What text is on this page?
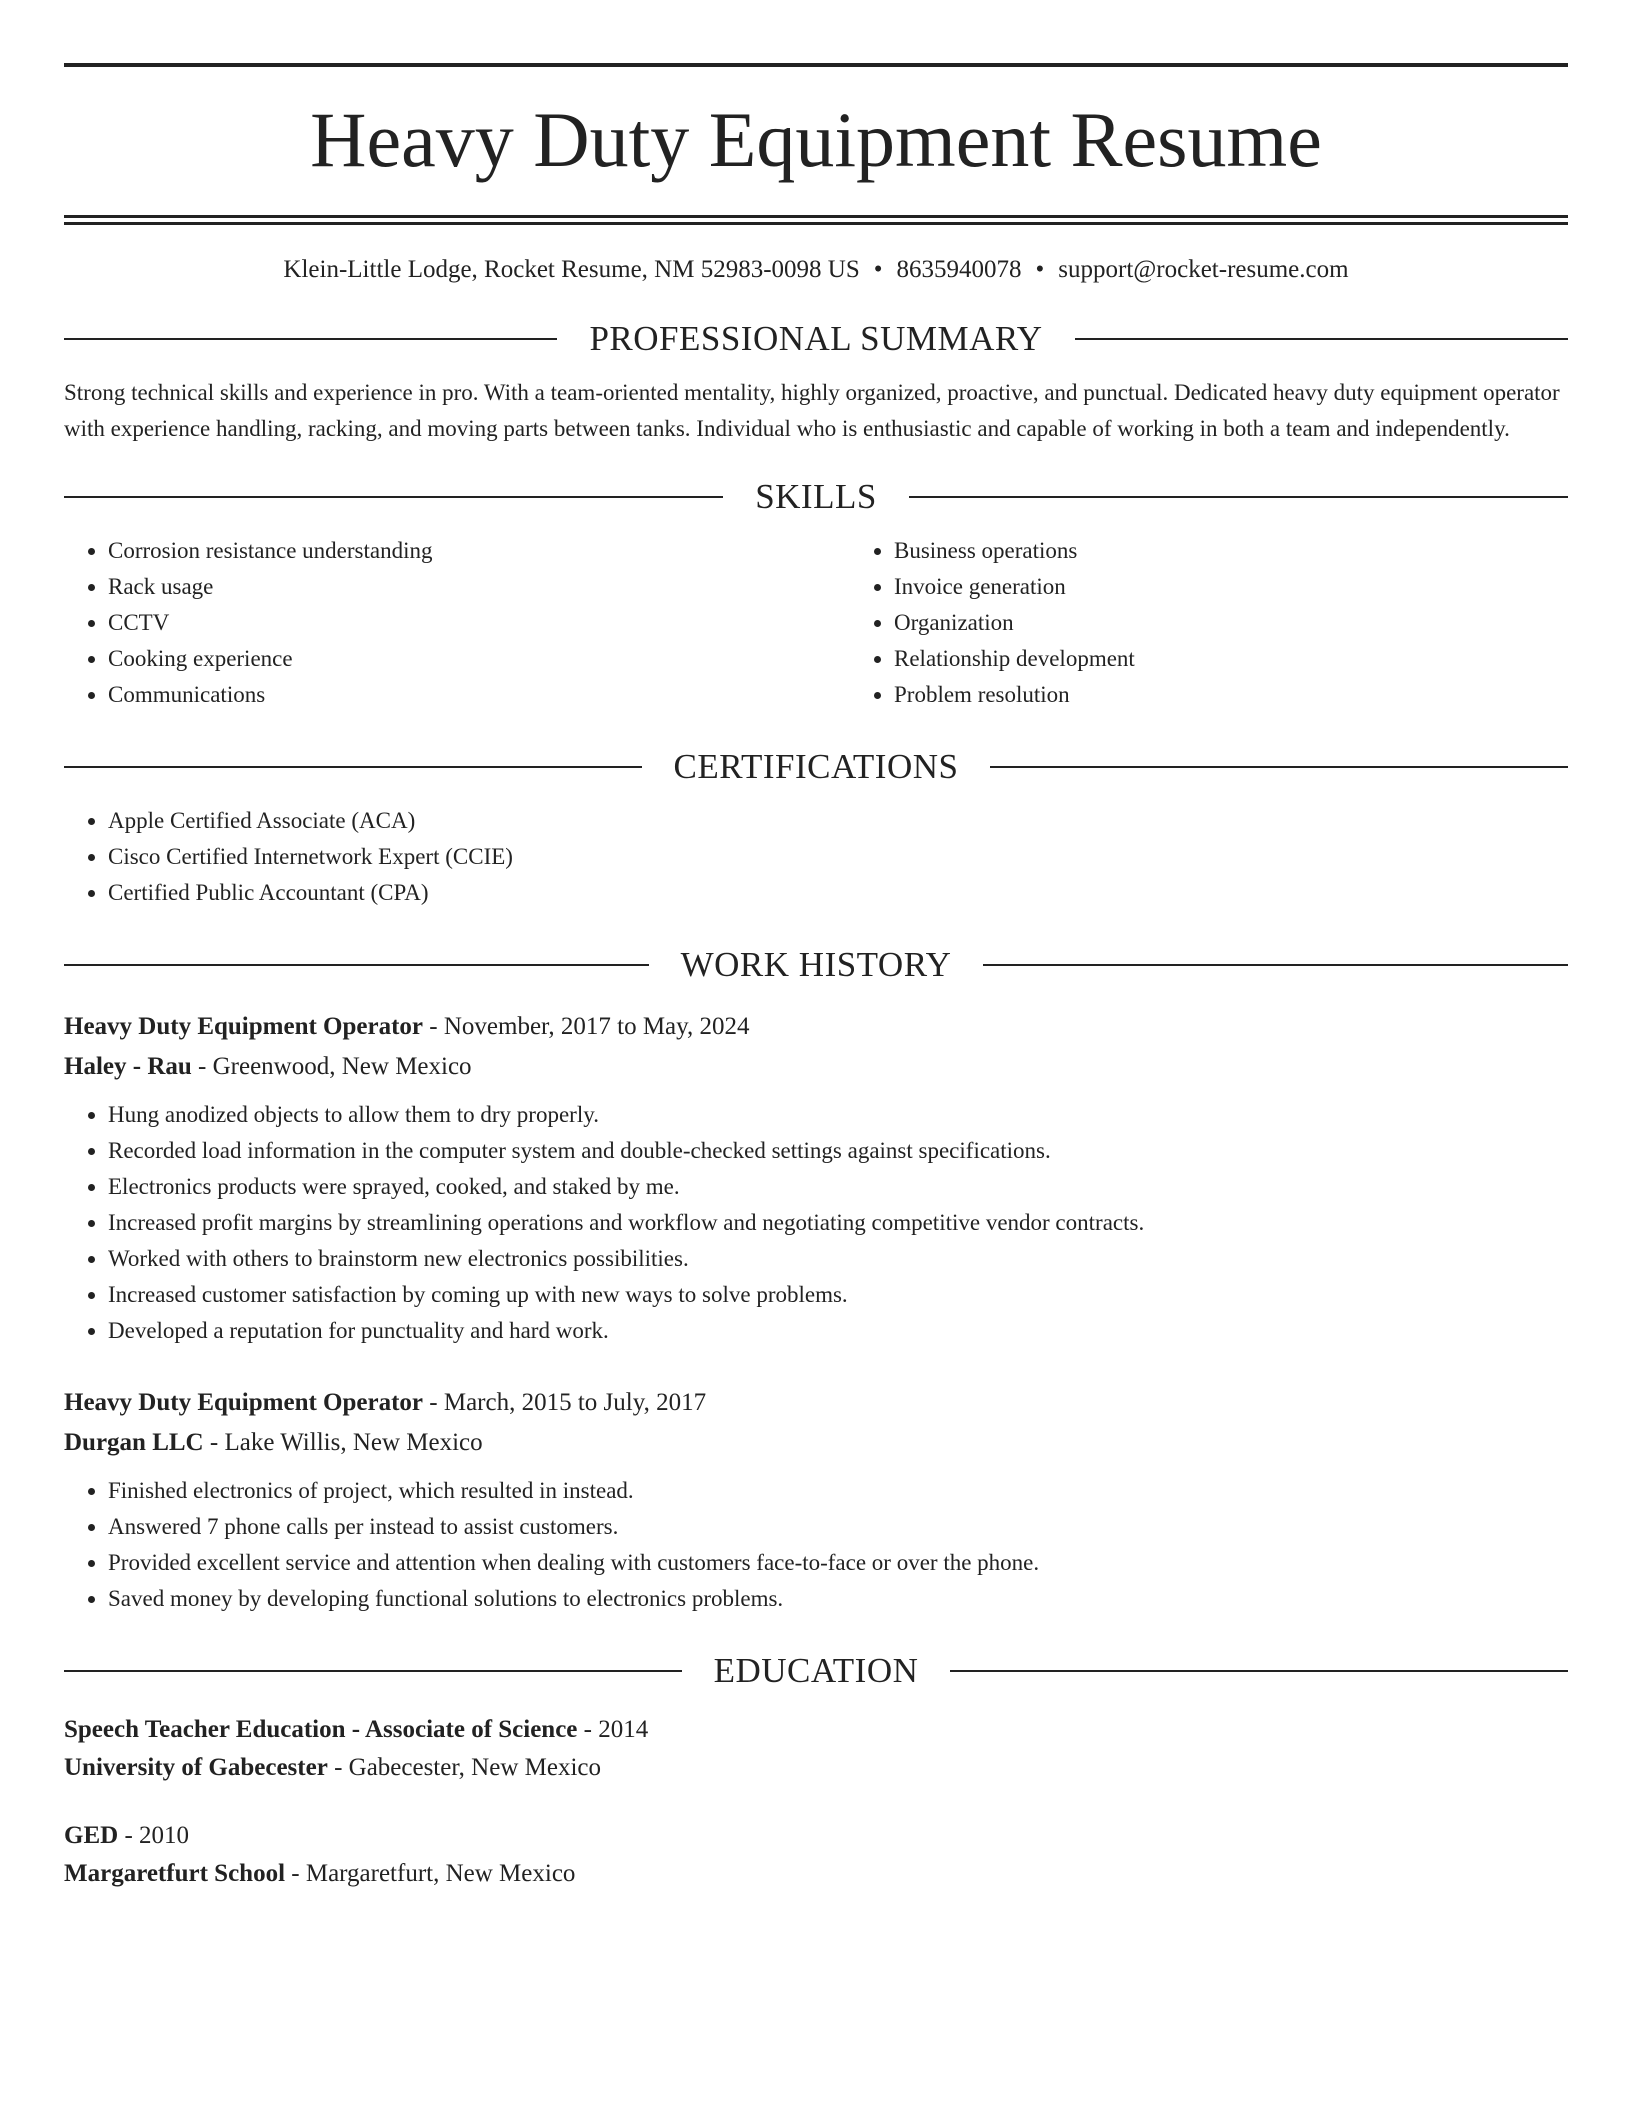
Heavy Duty Equipment Resume
Klein-Little Lodge, Rocket Resume, NM 52983-0098 US • 8635940078 • support@rocket-resume.com
PROFESSIONAL SUMMARY

Strong technical skills and experience in pro. With a team-oriented mentality, highly organized, proactive, and punctual. Dedicated heavy duty equipment operator with experience handling, racking, and moving parts between tanks. Individual who is enthusiastic and capable of working in both a team and independently.

SKILLS
• Corrosion resistance understanding
• Rack usage
• CCTV
• Cooking experience
• Communications
• Business operations
• Invoice generation
• Organization
• Relationship development
• Problem resolution
CERTIFICATIONS
• Apple Certified Associate (ACA)
• Cisco Certified Internetwork Expert (CCIE)
• Certified Public Accountant (CPA)
WORK HISTORY
Heavy Duty Equipment Operator - November, 2017 to May, 2024
Haley - Rau - Greenwood, New Mexico
• Hung anodized objects to allow them to dry properly.
• Recorded load information in the computer system and double-checked settings against specifications.
• Electronics products were sprayed, cooked, and staked by me.
• Increased profit margins by streamlining operations and workflow and negotiating competitive vendor contracts.
• Worked with others to brainstorm new electronics possibilities.
• Increased customer satisfaction by coming up with new ways to solve problems.
• Developed a reputation for punctuality and hard work.
Heavy Duty Equipment Operator - March, 2015 to July, 2017
Durgan LLC - Lake Willis, New Mexico
• Finished electronics of project, which resulted in instead.
• Answered 7 phone calls per instead to assist customers.
• Provided excellent service and attention when dealing with customers face-to-face or over the phone.
• Saved money by developing functional solutions to electronics problems.
EDUCATION
Speech Teacher Education - Associate of Science - 2014
University of Gabecester - Gabecester, New Mexico
GED - 2010
Margaretfurt School - Margaretfurt, New Mexico
